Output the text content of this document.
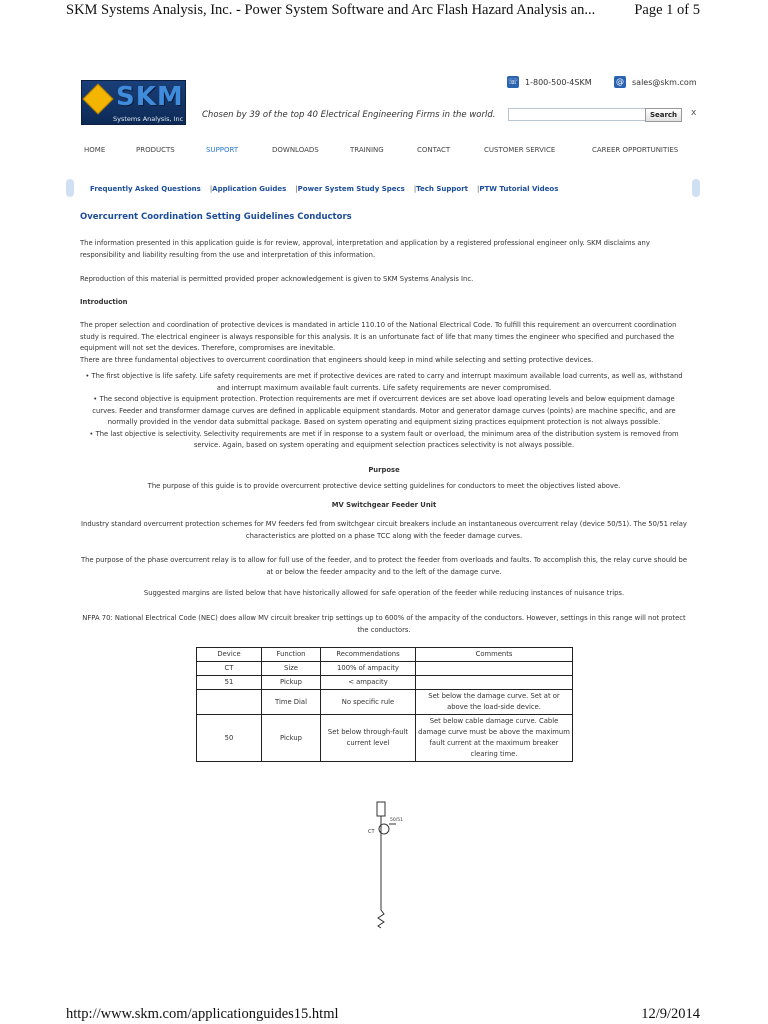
SKM Systems Analysis, Inc. - Power System Software and Arc Flash Hazard Analysis an...	Page 1 of 5
SKM
Systems Analysis, Inc Chosen by 39 of the top 40 Electrical Engineering Firms in the world.
☏ 1-800-500-4SKM	@ sales@skm.com
Search	x
HOME	PRODUCTS	SUPPORT	DOWNLOADS	TRAINING	CONTACT	CUSTOMER SERVICE	CAREER OPPORTUNITIES
Frequently Asked Questions |Application Guides |Power System Study Specs |Tech Support |PTW Tutorial Videos
Overcurrent Coordination Setting Guidelines Conductors
The information presented in this application guide is for review, approval, interpretation and application by a registered professional engineer only. SKM disclaims any responsibility and liability resulting from the use and interpretation of this information.
Reproduction of this material is permitted provided proper acknowledgement is given to SKM Systems Analysis Inc.
Introduction
The proper selection and coordination of protective devices is mandated in article 110.10 of the National Electrical Code. To fulfill this requirement an overcurrent coordination study is required. The electrical engineer is always responsible for this analysis. It is an unfortunate fact of life that many times the engineer who specified and purchased the equipment will not set the devices. Therefore, compromises are inevitable.
There are three fundamental objectives to overcurrent coordination that engineers should keep in mind while selecting and setting protective devices.
• The first objective is life safety. Life safety requirements are met if protective devices are rated to carry and interrupt maximum available load currents, as well as, withstand and interrupt maximum available fault currents. Life safety requirements are never compromised.
• The second objective is equipment protection. Protection requirements are met if overcurrent devices are set above load operating levels and below equipment damage curves. Feeder and transformer damage curves are defined in applicable equipment standards. Motor and generator damage curves (points) are machine specific, and are normally provided in the vendor data submittal package. Based on system operating and equipment sizing practices equipment protection is not always possible.
• The last objective is selectivity. Selectivity requirements are met if in response to a system fault or overload, the minimum area of the distribution system is removed from service. Again, based on system operating and equipment selection practices selectivity is not always possible.
Purpose
The purpose of this guide is to provide overcurrent protective device setting guidelines for conductors to meet the objectives listed above.
MV Switchgear Feeder Unit
Industry standard overcurrent protection schemes for MV feeders fed from switchgear circuit breakers include an instantaneous overcurrent relay (device 50/51). The 50/51 relay characteristics are plotted on a phase TCC along with the feeder damage curves.
The purpose of the phase overcurrent relay is to allow for full use of the feeder, and to protect the feeder from overloads and faults. To accomplish this, the relay curve should be at or below the feeder ampacity and to the left of the damage curve.
Suggested margins are listed below that have historically allowed for safe operation of the feeder while reducing instances of nuisance trips.
NFPA 70: National Electrical Code (NEC) does allow MV circuit breaker trip settings up to 600% of the ampacity of the conductors. However, settings in this range will not protect the conductors.
Device	Function	Recommendations	Comments
CT	Size	100% of ampacity	
51	Pickup	< ampacity	
	Time Dial	No specific rule	Set below the damage curve. Set at or above the load-side device.
50	Pickup	Set below through-fault current level	Set below cable damage curve. Cable damage curve must be above the maximum fault current at the maximum breaker clearing time.
CT
50/51
http://www.skm.com/applicationguides15.html	12/9/2014
